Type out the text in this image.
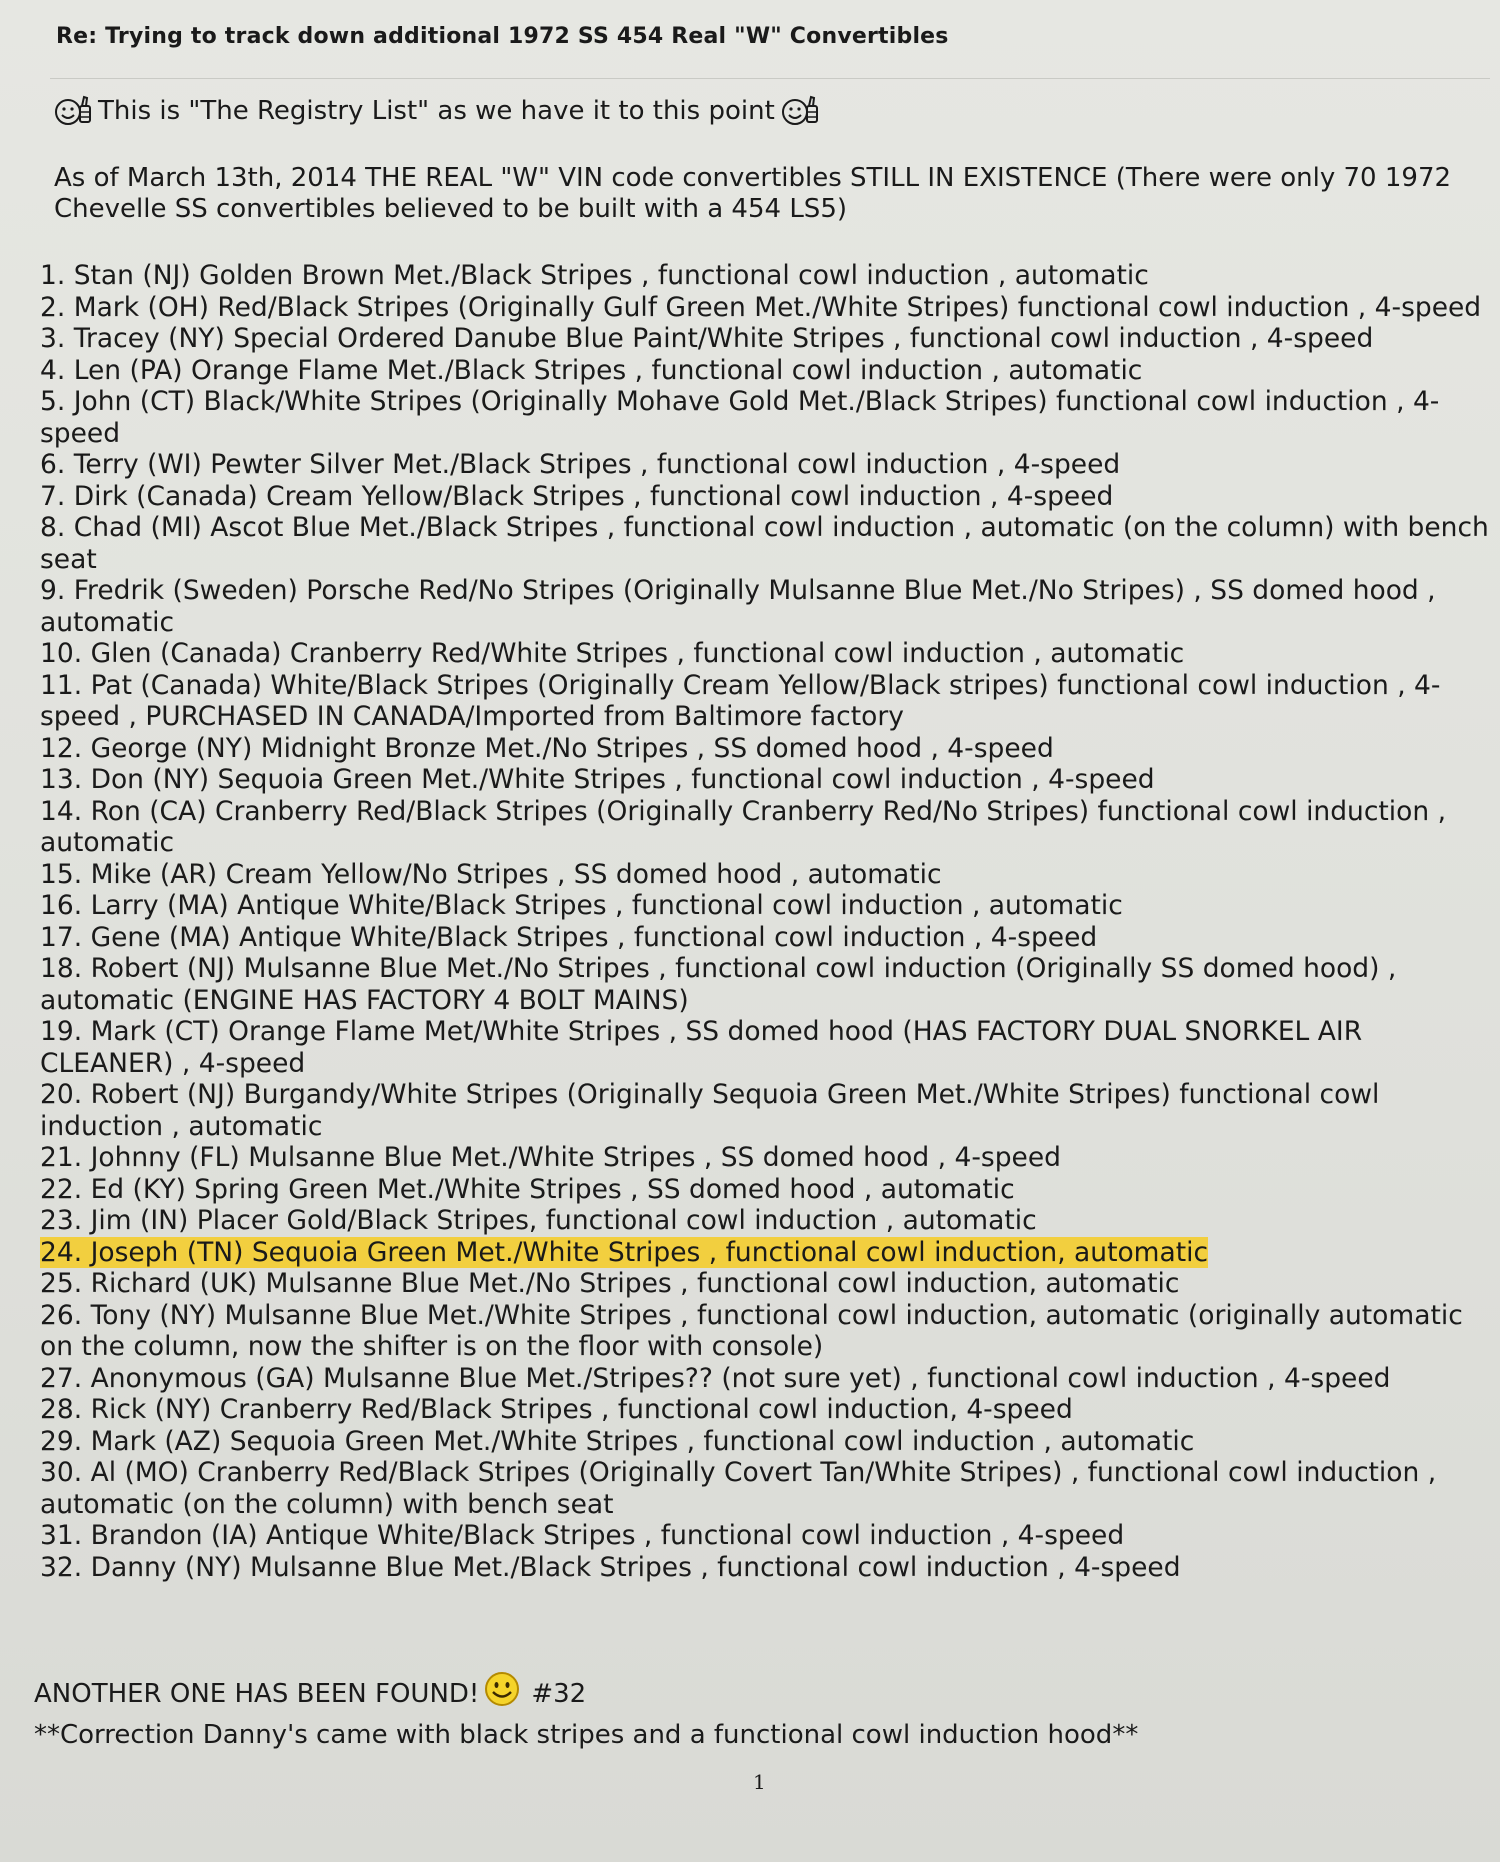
Re: Trying to track down additional 1972 SS 454 Real "W" Convertibles
This is "The Registry List" as we have it to this point
As of March 13th, 2014 THE REAL "W" VIN code convertibles STILL IN EXISTENCE (There were only 70 1972 Chevelle SS convertibles believed to be built with a 454 LS5)
1. Stan (NJ) Golden Brown Met./Black Stripes , functional cowl induction , automatic
2. Mark (OH) Red/Black Stripes (Originally Gulf Green Met./White Stripes) functional cowl induction , 4-speed
3. Tracey (NY) Special Ordered Danube Blue Paint/White Stripes , functional cowl induction , 4-speed
4. Len (PA) Orange Flame Met./Black Stripes , functional cowl induction , automatic
5. John (CT) Black/White Stripes (Originally Mohave Gold Met./Black Stripes) functional cowl induction , 4-speed
6. Terry (WI) Pewter Silver Met./Black Stripes , functional cowl induction , 4-speed
7. Dirk (Canada) Cream Yellow/Black Stripes , functional cowl induction , 4-speed
8. Chad (MI) Ascot Blue Met./Black Stripes , functional cowl induction , automatic (on the column) with bench seat
9. Fredrik (Sweden) Porsche Red/No Stripes (Originally Mulsanne Blue Met./No Stripes) , SS domed hood , automatic
10. Glen (Canada) Cranberry Red/White Stripes , functional cowl induction , automatic
11. Pat (Canada) White/Black Stripes (Originally Cream Yellow/Black stripes) functional cowl induction , 4-speed , PURCHASED IN CANADA/Imported from Baltimore factory
12. George (NY) Midnight Bronze Met./No Stripes , SS domed hood , 4-speed
13. Don (NY) Sequoia Green Met./White Stripes , functional cowl induction , 4-speed
14. Ron (CA) Cranberry Red/Black Stripes (Originally Cranberry Red/No Stripes) functional cowl induction , automatic
15. Mike (AR) Cream Yellow/No Stripes , SS domed hood , automatic
16. Larry (MA) Antique White/Black Stripes , functional cowl induction , automatic
17. Gene (MA) Antique White/Black Stripes , functional cowl induction , 4-speed
18. Robert (NJ) Mulsanne Blue Met./No Stripes , functional cowl induction (Originally SS domed hood) , automatic (ENGINE HAS FACTORY 4 BOLT MAINS)
19. Mark (CT) Orange Flame Met/White Stripes , SS domed hood (HAS FACTORY DUAL SNORKEL AIR CLEANER) , 4-speed
20. Robert (NJ) Burgandy/White Stripes (Originally Sequoia Green Met./White Stripes) functional cowl induction , automatic
21. Johnny (FL) Mulsanne Blue Met./White Stripes , SS domed hood , 4-speed
22. Ed (KY) Spring Green Met./White Stripes , SS domed hood , automatic
23. Jim (IN) Placer Gold/Black Stripes, functional cowl induction , automatic
24. Joseph (TN) Sequoia Green Met./White Stripes , functional cowl induction, automatic
25. Richard (UK) Mulsanne Blue Met./No Stripes , functional cowl induction, automatic
26. Tony (NY) Mulsanne Blue Met./White Stripes , functional cowl induction, automatic (originally automatic on the column, now the shifter is on the floor with console)
27. Anonymous (GA) Mulsanne Blue Met./Stripes?? (not sure yet) , functional cowl induction , 4-speed
28. Rick (NY) Cranberry Red/Black Stripes , functional cowl induction, 4-speed
29. Mark (AZ) Sequoia Green Met./White Stripes , functional cowl induction , automatic
30. Al (MO) Cranberry Red/Black Stripes (Originally Covert Tan/White Stripes) , functional cowl induction , automatic (on the column) with bench seat
31. Brandon (IA) Antique White/Black Stripes , functional cowl induction , 4-speed
32. Danny (NY) Mulsanne Blue Met./Black Stripes , functional cowl induction , 4-speed
ANOTHER ONE HAS BEEN FOUND! #32
**Correction Danny's came with black stripes and a functional cowl induction hood**
1
